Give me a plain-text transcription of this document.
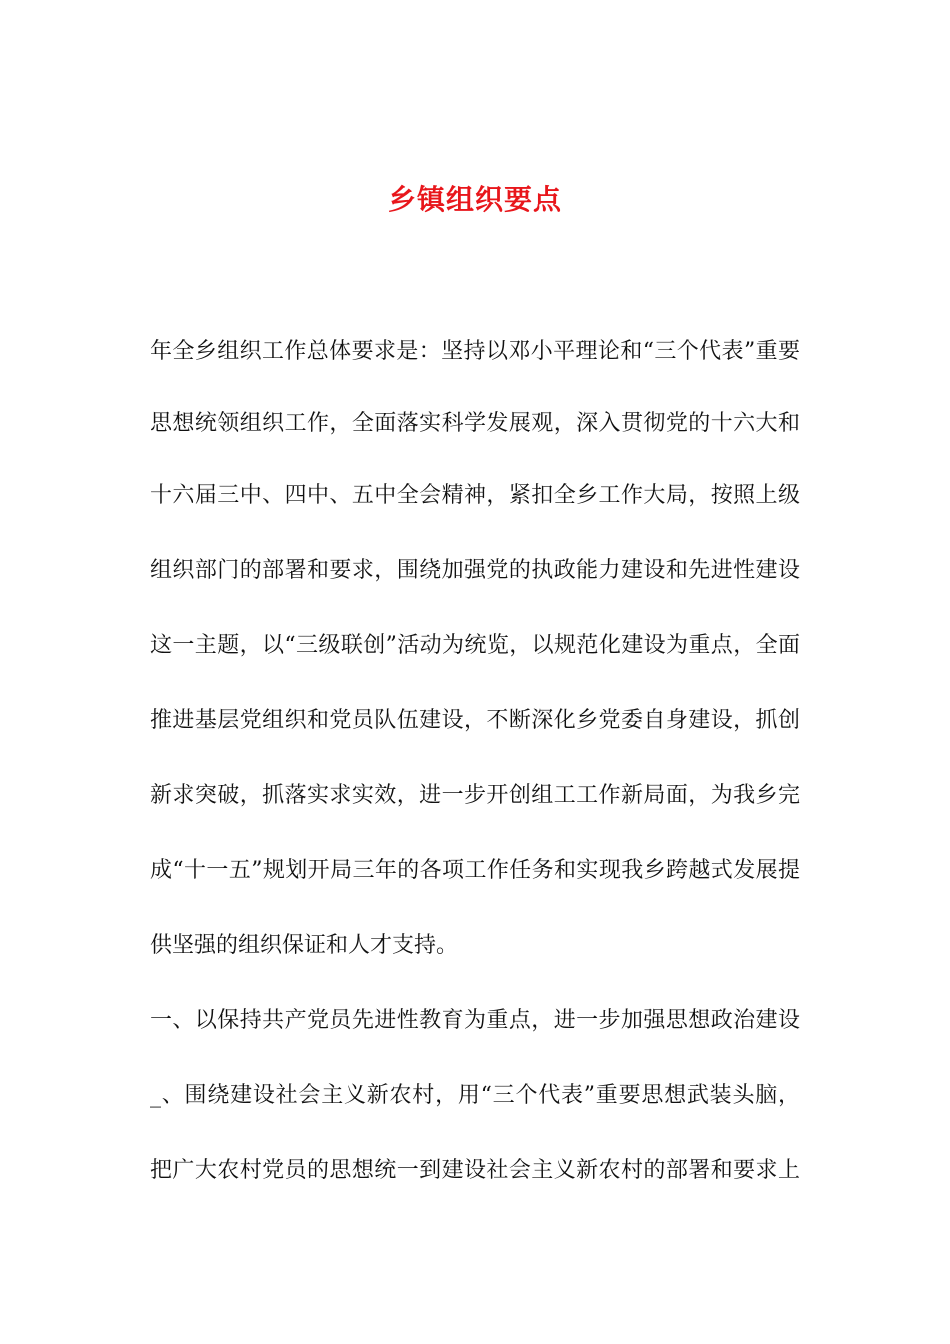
乡镇组织要点

年全乡组织工作总体要求是：坚持以邓小平理论和“三个代表”重要

思想统领组织工作，全面落实科学发展观，深入贯彻党的十六大和

十六届三中、四中、五中全会精神，紧扣全乡工作大局，按照上级

组织部门的部署和要求，围绕加强党的执政能力建设和先进性建设

这一主题，以“三级联创”活动为统览，以规范化建设为重点，全面

推进基层党组织和党员队伍建设，不断深化乡党委自身建设，抓创

新求突破，抓落实求实效，进一步开创组工工作新局面，为我乡完

成“十一五”规划开局三年的各项工作任务和实现我乡跨越式发展提

供坚强的组织保证和人才支持。

一、以保持共产党员先进性教育为重点，进一步加强思想政治建设

_、围绕建设社会主义新农村，用“三个代表”重要思想武装头脑，

把广大农村党员的思想统一到建设社会主义新农村的部署和要求上
